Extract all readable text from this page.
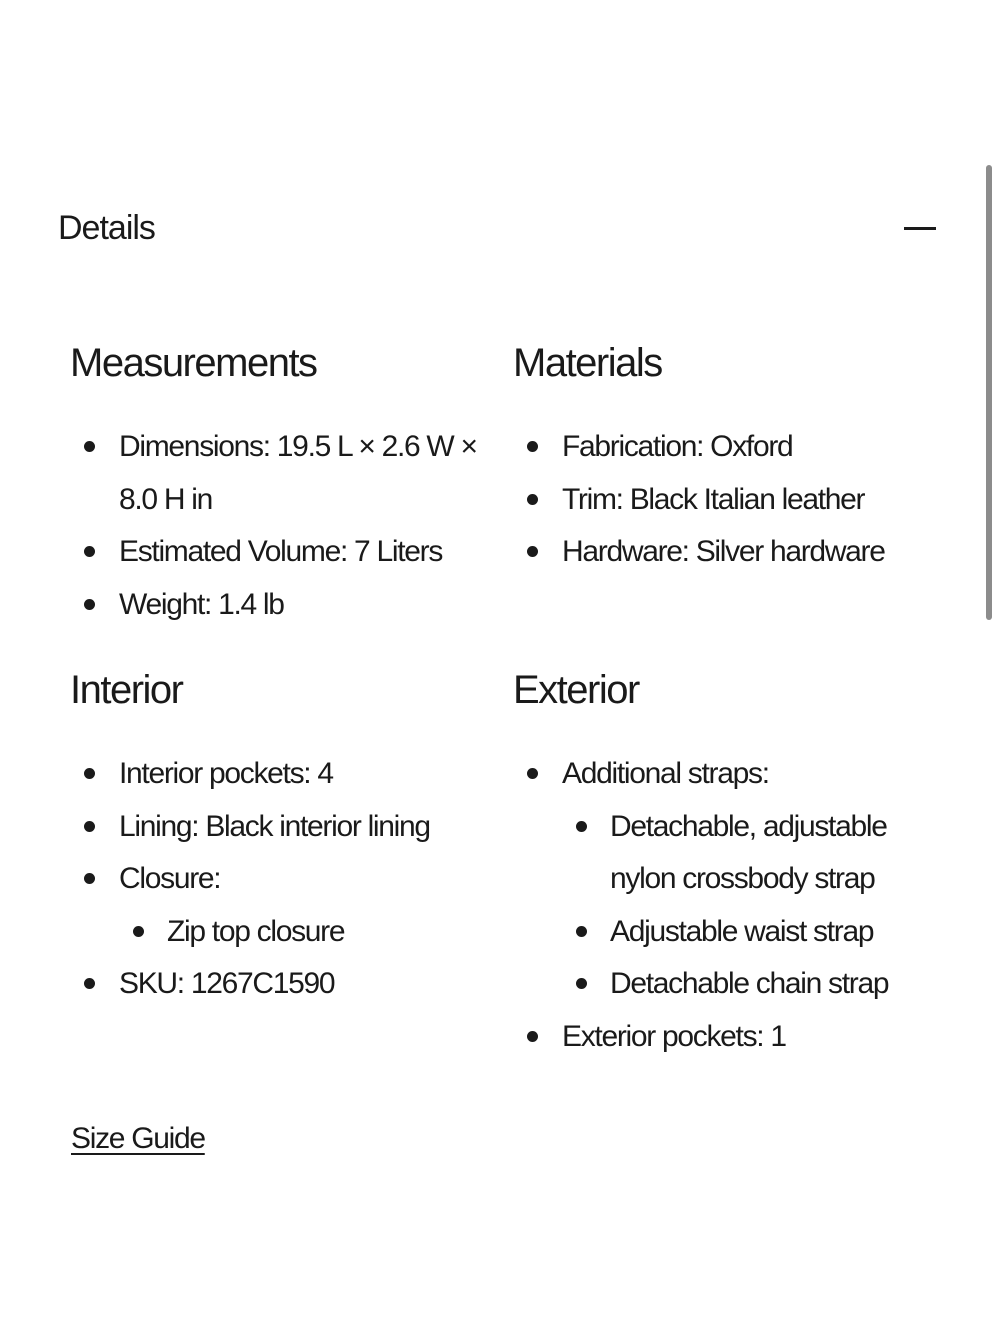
Details
Measurements
Dimensions: 19.5 L × 2.6 W × 8.0 H in
Estimated Volume: 7 Liters
Weight: 1.4 lb
Materials
Fabrication: Oxford
Trim: Black Italian leather
Hardware: Silver hardware
Interior
Interior pockets: 4
Lining: Black interior lining
Closure:
Zip top closure
SKU: 1267C1590
Exterior
Additional straps:
Detachable, adjustable nylon crossbody strap
Adjustable waist strap
Detachable chain strap
Exterior pockets: 1
Size Guide
